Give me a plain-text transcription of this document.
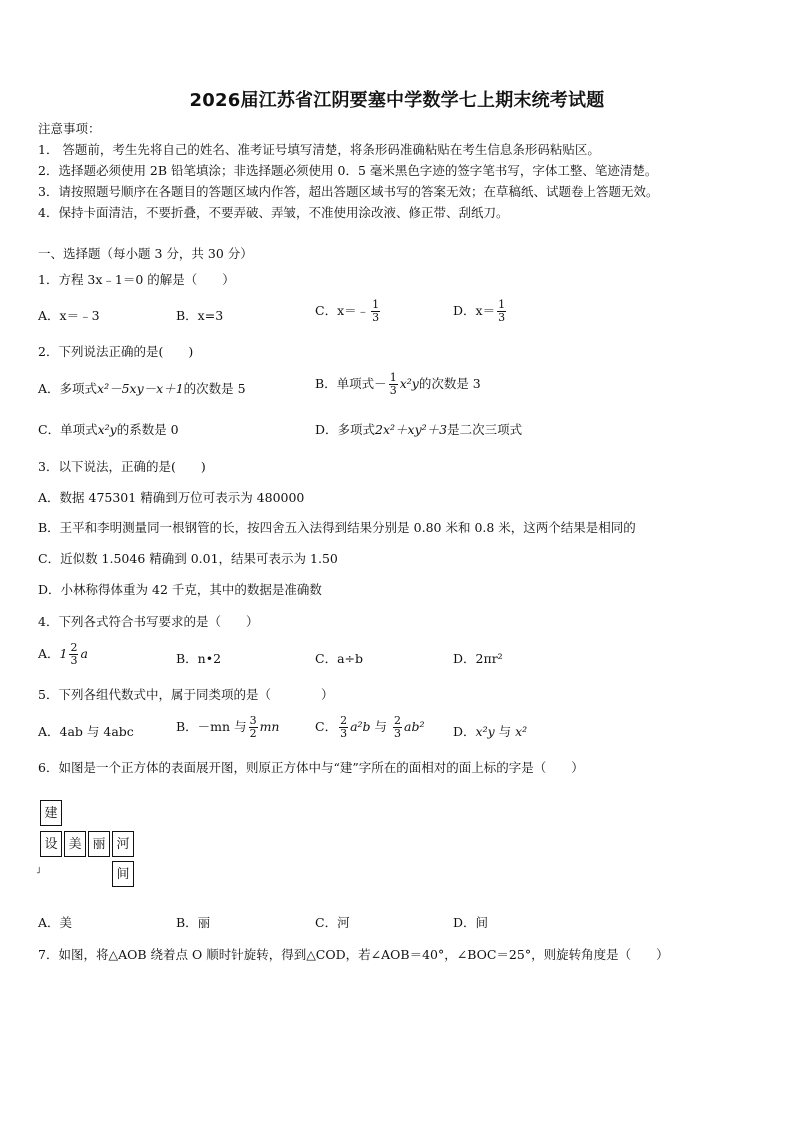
2026届江苏省江阴要塞中学数学七上期末统考试题
注意事项：
1． 答题前，考生先将自己的姓名、准考证号填写清楚，将条形码准确粘贴在考生信息条形码粘贴区。
2．选择题必须使用 2B 铅笔填涂；非选择题必须使用 0．5 毫米黑色字迹的签字笔书写，字体工整、笔迹清楚。
3．请按照题号顺序在各题目的答题区域内作答，超出答题区域书写的答案无效；在草稿纸、试题卷上答题无效。
4．保持卡面清洁，不要折叠，不要弄破、弄皱，不准使用涂改液、修正带、刮纸刀。
一、选择题（每小题 3 分，共 30 分）
1．方程 3x﹣1＝0 的解是（　　）
A．x＝﹣3	B．x=3	C．x＝﹣ $\frac{1}{3}$	D．$x= \frac{1}{3}$
2．下列说法正确的是(　　)
A．多项式x²－5xy－x＋1的次数是 5	B．单项式－ $\frac{1}{3} x^2y$的次数是 3
C．单项式x²y的系数是 0	D．多项式2x²＋xy²＋3是二次三项式
3．以下说法，正确的是(　　)
A．数据 475301 精确到万位可表示为 480000
B．王平和李明测量同一根钢管的长，按四舍五入法得到结果分别是 0.80 米和 0.8 米，这两个结果是相同的
C．近似数 1.5046 精确到 0.01，结果可表示为 1.50
D．小林称得体重为 42 千克，其中的数据是准确数
4．下列各式符合书写要求的是（　　）
A．$1 \frac{2}{3}$ a	B．n•2	C．a÷b	D．2πr²
5．下列各组代数式中，属于同类项的是（　　　　）
A．4ab 与 4abc	B．－mn 与 $\frac{3}{2}$ mn	C． $\frac{2}{3} a^2b$ 与 $\frac{2}{3} ab^2$ D．x²y 与 x²
6．如图是一个正方体的表面展开图，则原正方体中与“建”字所在的面相对的面上标的字是（　　）
建
设 美 丽 河
间
˩
A．美	B．丽	C．河	D．间
7．如图，将△AOB 绕着点 O 顺时针旋转，得到△COD，若∠AOB＝40°，∠BOC＝25°，则旋转角度是（　　）
